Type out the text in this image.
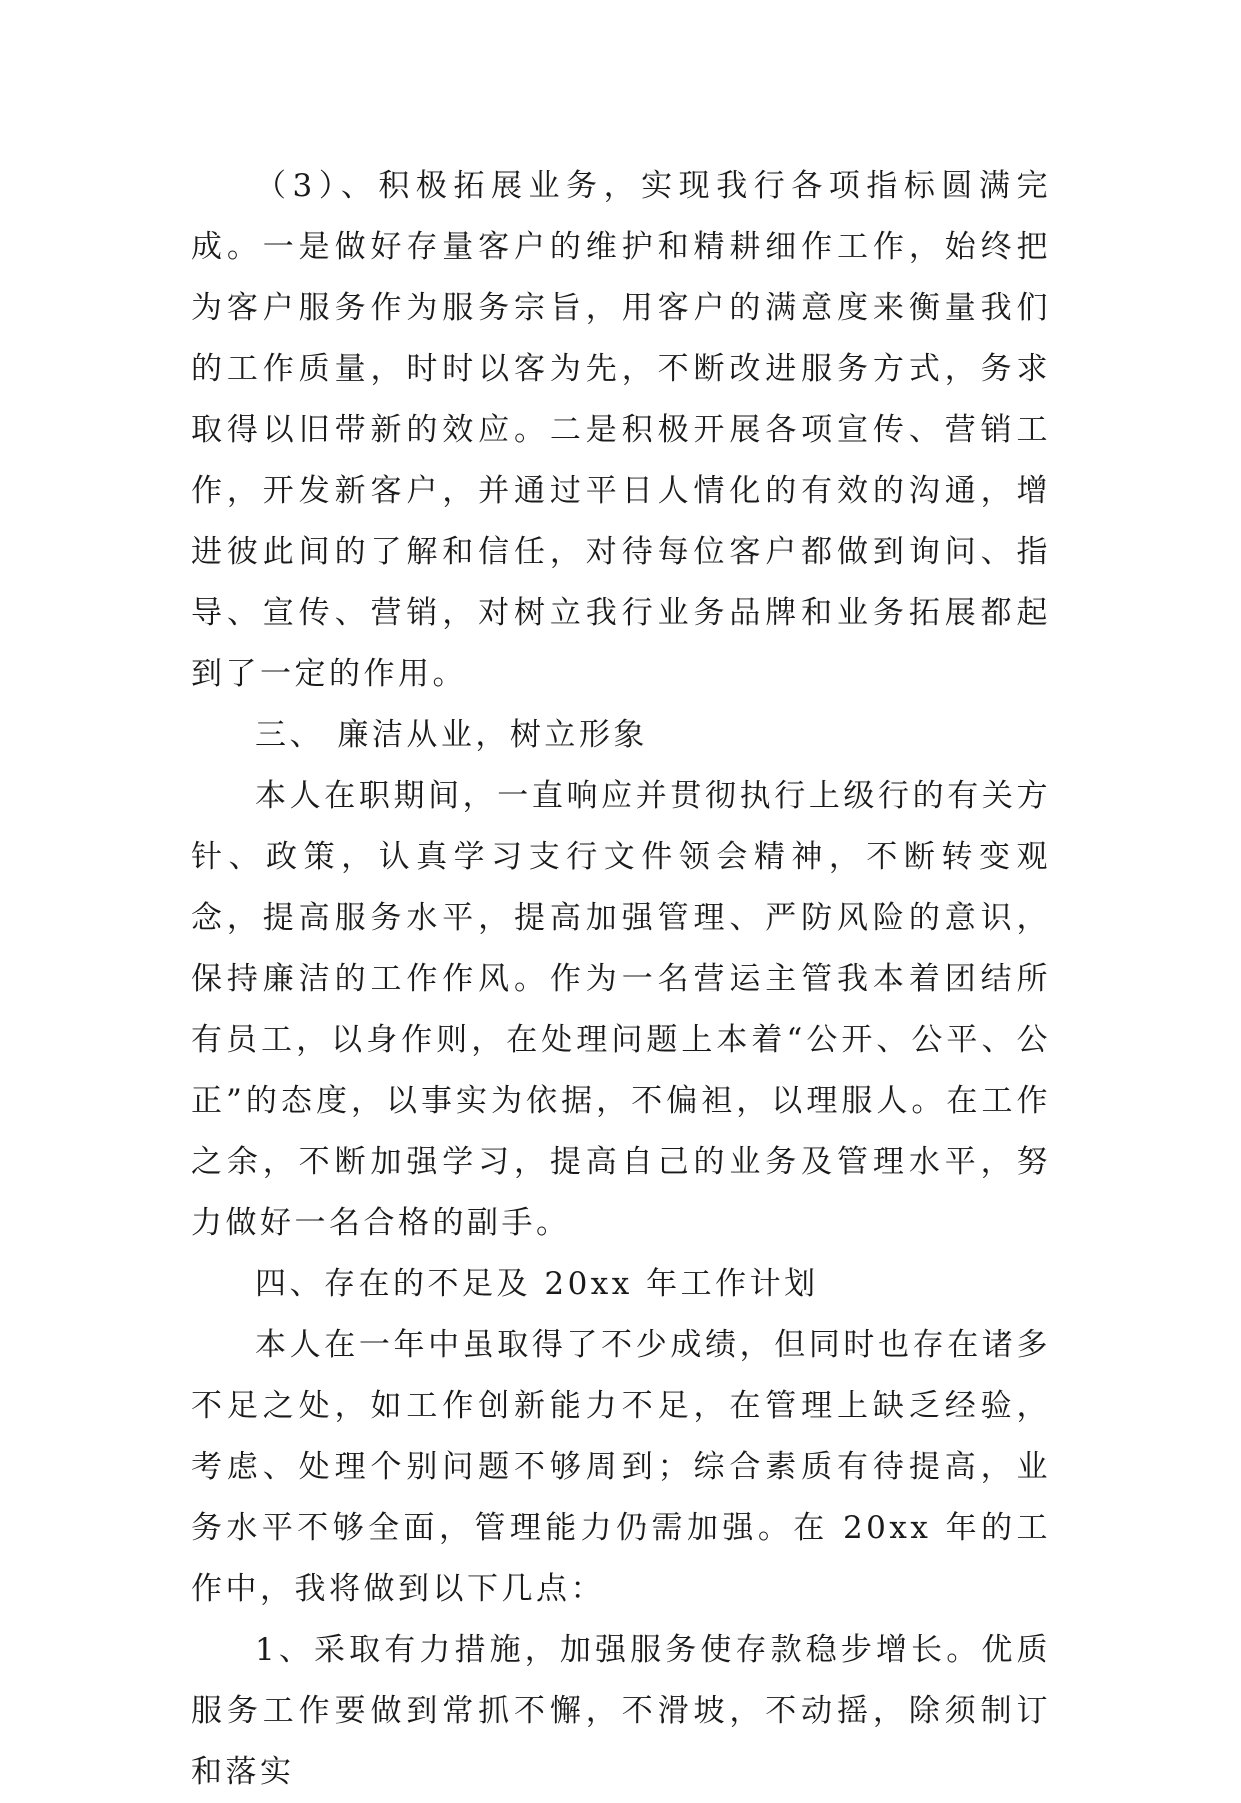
（3）、积极拓展业务，实现我行各项指标圆满完成。一是做好存量客户的维护和精耕细作工作，始终把为客户服务作为服务宗旨，用客户的满意度来衡量我们的工作质量，时时以客为先，不断改进服务方式，务求取得以旧带新的效应。二是积极开展各项宣传、营销工作，开发新客户，并通过平日人情化的有效的沟通，增进彼此间的了解和信任，对待每位客户都做到询问、指导、宣传、营销，对树立我行业务品牌和业务拓展都起到了一定的作用。

三、 廉洁从业，树立形象

本人在职期间，一直响应并贯彻执行上级行的有关方针、政策，认真学习支行文件领会精神，不断转变观念，提高服务水平，提高加强管理、严防风险的意识，保持廉洁的工作作风。作为一名营运主管我本着团结所有员工，以身作则，在处理问题上本着“公开、公平、公正”的态度，以事实为依据，不偏袒，以理服人。在工作之余，不断加强学习，提高自己的业务及管理水平，努力做好一名合格的副手。

四、存在的不足及 20xx 年工作计划

本人在一年中虽取得了不少成绩，但同时也存在诸多不足之处，如工作创新能力不足，在管理上缺乏经验，考虑、处理个别问题不够周到；综合素质有待提高，业务水平不够全面，管理能力仍需加强。在 20xx 年的工作中，我将做到以下几点：

1、采取有力措施，加强服务使存款稳步增长。优质服务工作要做到常抓不懈，不滑坡，不动摇，除须制订和落实
